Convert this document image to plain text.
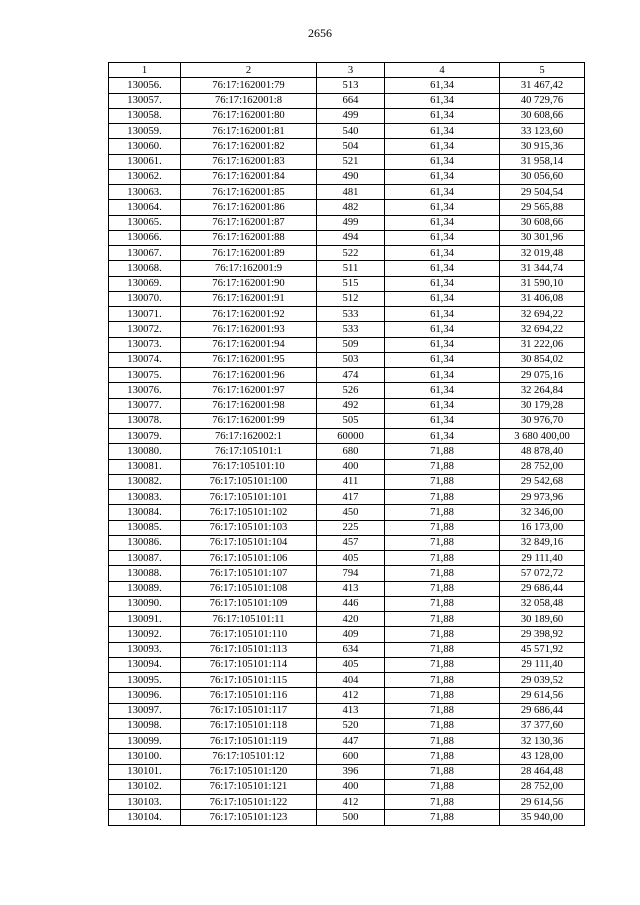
2656
1	2	3	4	5
130056.	76:17:162001:79	513	61,34	31 467,42
130057.	76:17:162001:8	664	61,34	40 729,76
130058.	76:17:162001:80	499	61,34	30 608,66
130059.	76:17:162001:81	540	61,34	33 123,60
130060.	76:17:162001:82	504	61,34	30 915,36
130061.	76:17:162001:83	521	61,34	31 958,14
130062.	76:17:162001:84	490	61,34	30 056,60
130063.	76:17:162001:85	481	61,34	29 504,54
130064.	76:17:162001:86	482	61,34	29 565,88
130065.	76:17:162001:87	499	61,34	30 608,66
130066.	76:17:162001:88	494	61,34	30 301,96
130067.	76:17:162001:89	522	61,34	32 019,48
130068.	76:17:162001:9	511	61,34	31 344,74
130069.	76:17:162001:90	515	61,34	31 590,10
130070.	76:17:162001:91	512	61,34	31 406,08
130071.	76:17:162001:92	533	61,34	32 694,22
130072.	76:17:162001:93	533	61,34	32 694,22
130073.	76:17:162001:94	509	61,34	31 222,06
130074.	76:17:162001:95	503	61,34	30 854,02
130075.	76:17:162001:96	474	61,34	29 075,16
130076.	76:17:162001:97	526	61,34	32 264,84
130077.	76:17:162001:98	492	61,34	30 179,28
130078.	76:17:162001:99	505	61,34	30 976,70
130079.	76:17:162002:1	60000	61,34	3 680 400,00
130080.	76:17:105101:1	680	71,88	48 878,40
130081.	76:17:105101:10	400	71,88	28 752,00
130082.	76:17:105101:100	411	71,88	29 542,68
130083.	76:17:105101:101	417	71,88	29 973,96
130084.	76:17:105101:102	450	71,88	32 346,00
130085.	76:17:105101:103	225	71,88	16 173,00
130086.	76:17:105101:104	457	71,88	32 849,16
130087.	76:17:105101:106	405	71,88	29 111,40
130088.	76:17:105101:107	794	71,88	57 072,72
130089.	76:17:105101:108	413	71,88	29 686,44
130090.	76:17:105101:109	446	71,88	32 058,48
130091.	76:17:105101:11	420	71,88	30 189,60
130092.	76:17:105101:110	409	71,88	29 398,92
130093.	76:17:105101:113	634	71,88	45 571,92
130094.	76:17:105101:114	405	71,88	29 111,40
130095.	76:17:105101:115	404	71,88	29 039,52
130096.	76:17:105101:116	412	71,88	29 614,56
130097.	76:17:105101:117	413	71,88	29 686,44
130098.	76:17:105101:118	520	71,88	37 377,60
130099.	76:17:105101:119	447	71,88	32 130,36
130100.	76:17:105101:12	600	71,88	43 128,00
130101.	76:17:105101:120	396	71,88	28 464,48
130102.	76:17:105101:121	400	71,88	28 752,00
130103.	76:17:105101:122	412	71,88	29 614,56
130104.	76:17:105101:123	500	71,88	35 940,00
